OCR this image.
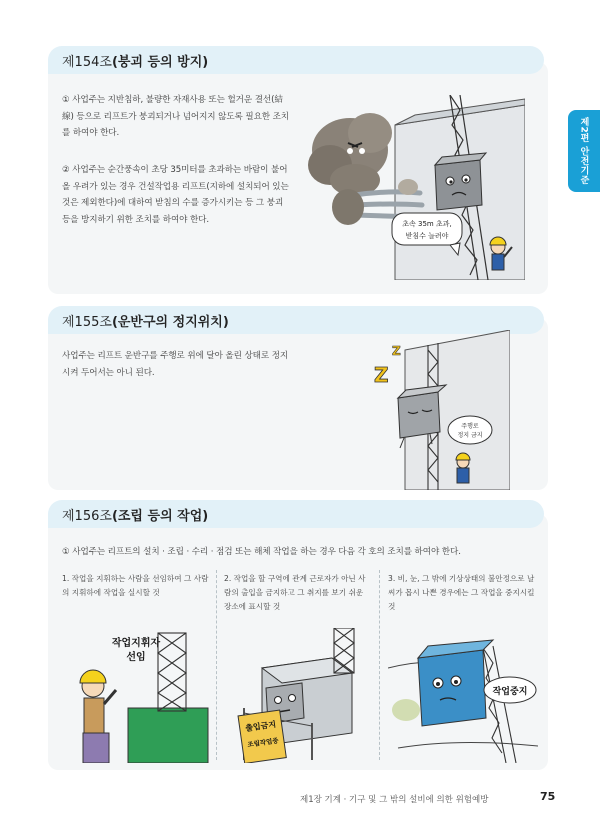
제2편 안전기준
제154조 (붕괴 등의 방지)
① 사업주는 지반침하, 불량한 자재사용 또는 헐거운 결선(結線) 등으로 리프트가 붕괴되거나 넘어지지 않도록 필요한 조치를 하여야 한다.
② 사업주는 순간풍속이 초당 35미터를 초과하는 바람이 불어올 우려가 있는 경우 건설작업용 리프트(지하에 설치되어 있는 것은 제외한다)에 대하여 받침의 수를 증가시키는 등 그 붕괴 등을 방지하기 위한 조치를 하여야 한다.	초속 35m 초과,
받침수 늘려야
제155조 (운반구의 정지위치)
사업주는 리프트 운반구를 주행로 위에 달아 올린 상태로 정지시켜 두어서는 아니 된다.
Z
Z
주행로
정지 금지
제156조 (조립 등의 작업)
① 사업주는 리프트의 설치 · 조립 · 수리 · 점검 또는 해체 작업을 하는 경우 다음 각 호의 조치를 하여야 한다.
1. 작업을 지휘하는 사람을 선임하여 그 사람의 지휘하에 작업을 실시할 것
2. 작업을 할 구역에 관계 근로자가 아닌 사람의 출입을 금지하고 그 취지를 보기 쉬운 장소에 표시할 것
3. 비, 눈, 그 밖에 기상상태의 불안정으로 날씨가 몹시 나쁜 경우에는 그 작업을 중지시킬 것
작업지휘자
선임
출입금지
조립작업중
작업중지
제1장 기계 · 기구 및 그 밖의 설비에 의한 위험예방	75
